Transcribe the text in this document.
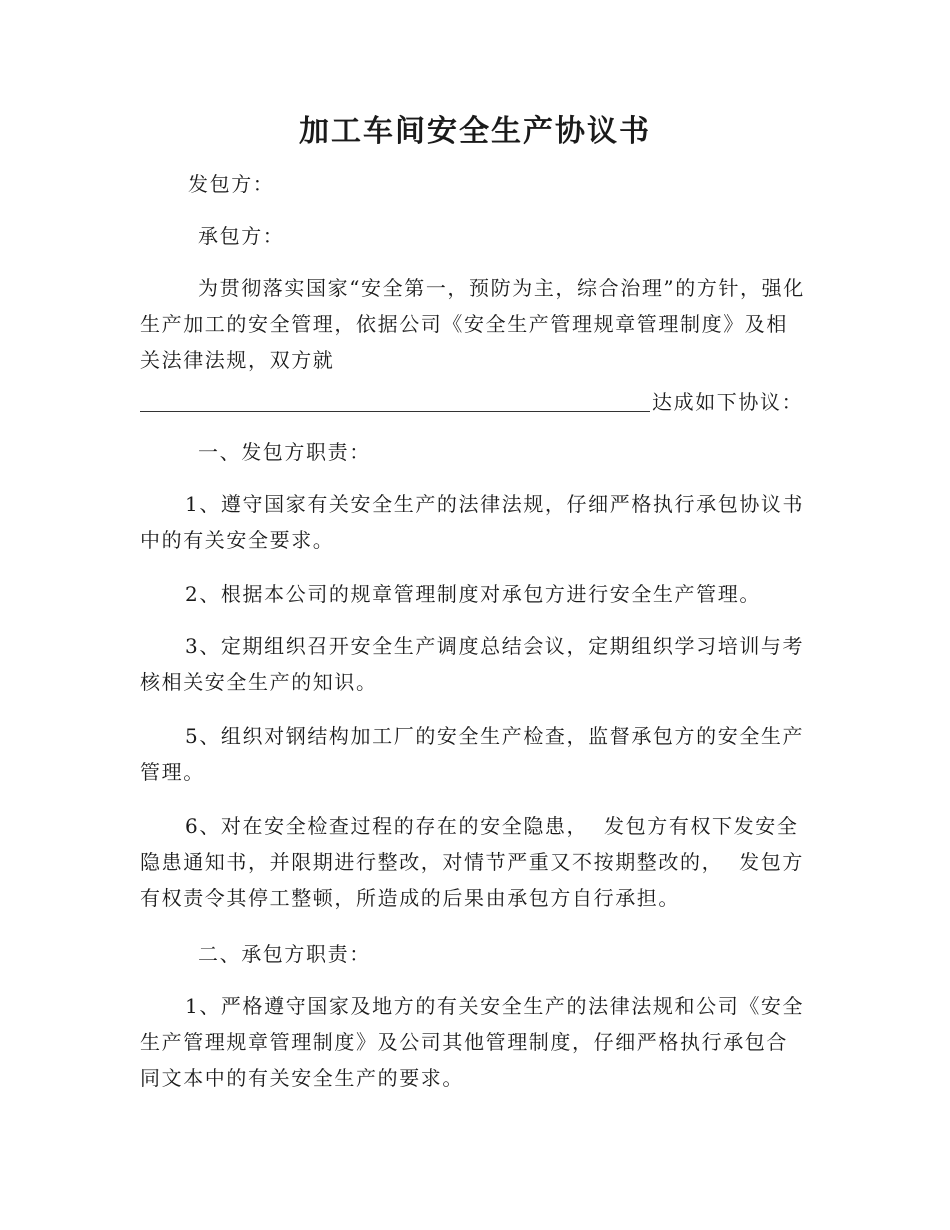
加工车间安全生产协议书

发包方：

承包方：

为贯彻落实国家“安全第一，预防为主，综合治理”的方针，强化生产加工的安全管理，依据公司《安全生产管理规章管理制度》及相关法律法规，双方就

达成如下协议：

一、发包方职责：

1、遵守国家有关安全生产的法律法规，仔细严格执行承包协议书中的有关安全要求。

2、根据本公司的规章管理制度对承包方进行安全生产管理。

3、定期组织召开安全生产调度总结会议，定期组织学习培训与考核相关安全生产的知识。

5、组织对钢结构加工厂的安全生产检查，监督承包方的安全生产管理。

6、对在安全检查过程的存在的安全隐患，  发包方有权下发安全隐患通知书，并限期进行整改，对情节严重又不按期整改的，  发包方有权责令其停工整顿，所造成的后果由承包方自行承担。

二、承包方职责：

1、严格遵守国家及地方的有关安全生产的法律法规和公司《安全生产管理规章管理制度》及公司其他管理制度，仔细严格执行承包合同文本中的有关安全生产的要求。
